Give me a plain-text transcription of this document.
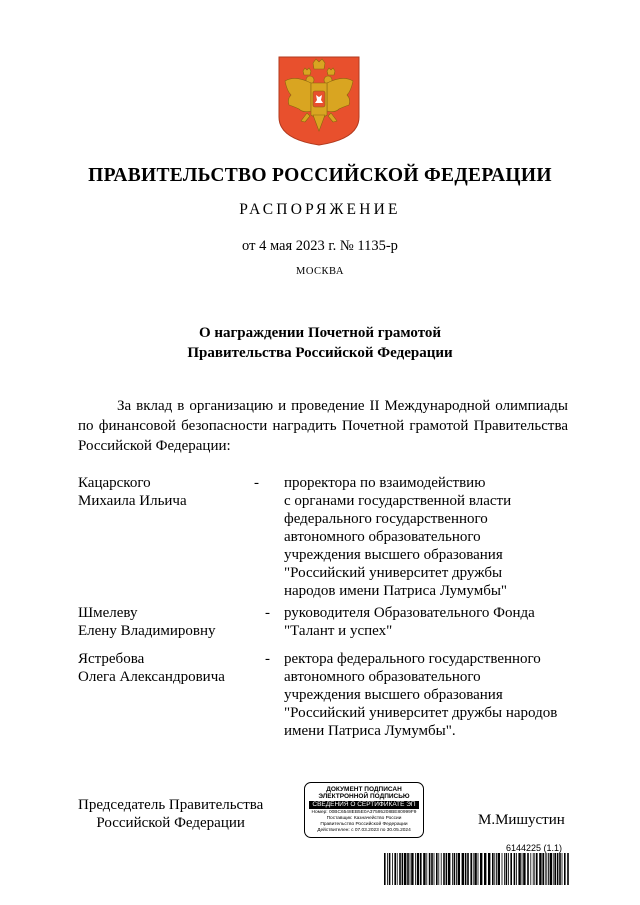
ПРАВИТЕЛЬСТВО РОССИЙСКОЙ ФЕДЕРАЦИИ
РАСПОРЯЖЕНИЕ
от 4 мая 2023 г. № 1135-р
МОСКВА
О награждении Почетной грамотой
Правительства Российской Федерации
За вклад в организацию и проведение II Международной олимпиады
по финансовой безопасности наградить Почетной грамотой Правительства
Российской Федерации:
Кацарского
Михаила Ильича
- проректора по взаимодействию
с органами государственной власти
федерального государственного
автономного образовательного
учреждения высшего образования
"Российский университет дружбы
народов имени Патриса Лумумбы"
Шмелеву
Елену Владимировну
- руководителя Образовательного Фонда
"Талант и успех"
Ястребова
Олега Александровича
- ректора федерального государственного
автономного образовательного
учреждения высшего образования
"Российский университет дружбы народов
имени Патриса Лумумбы".
Председатель Правительства
Российской Федерации
ДОКУМЕНТ ПОДПИСАН
ЭЛЕКТРОННОЙ ПОДПИСЬЮ
СВЕДЕНИЯ О СЕРТИФИКАТЕ ЭП
Номер: 00BC6548EB5E0A37595208BE80999F9
Поставщик: Казначейство России
Правительство Российской Федерации
Действителен: с 07.03.2023 по 30.05.2024
М.Мишустин
6144225 (1.1)
